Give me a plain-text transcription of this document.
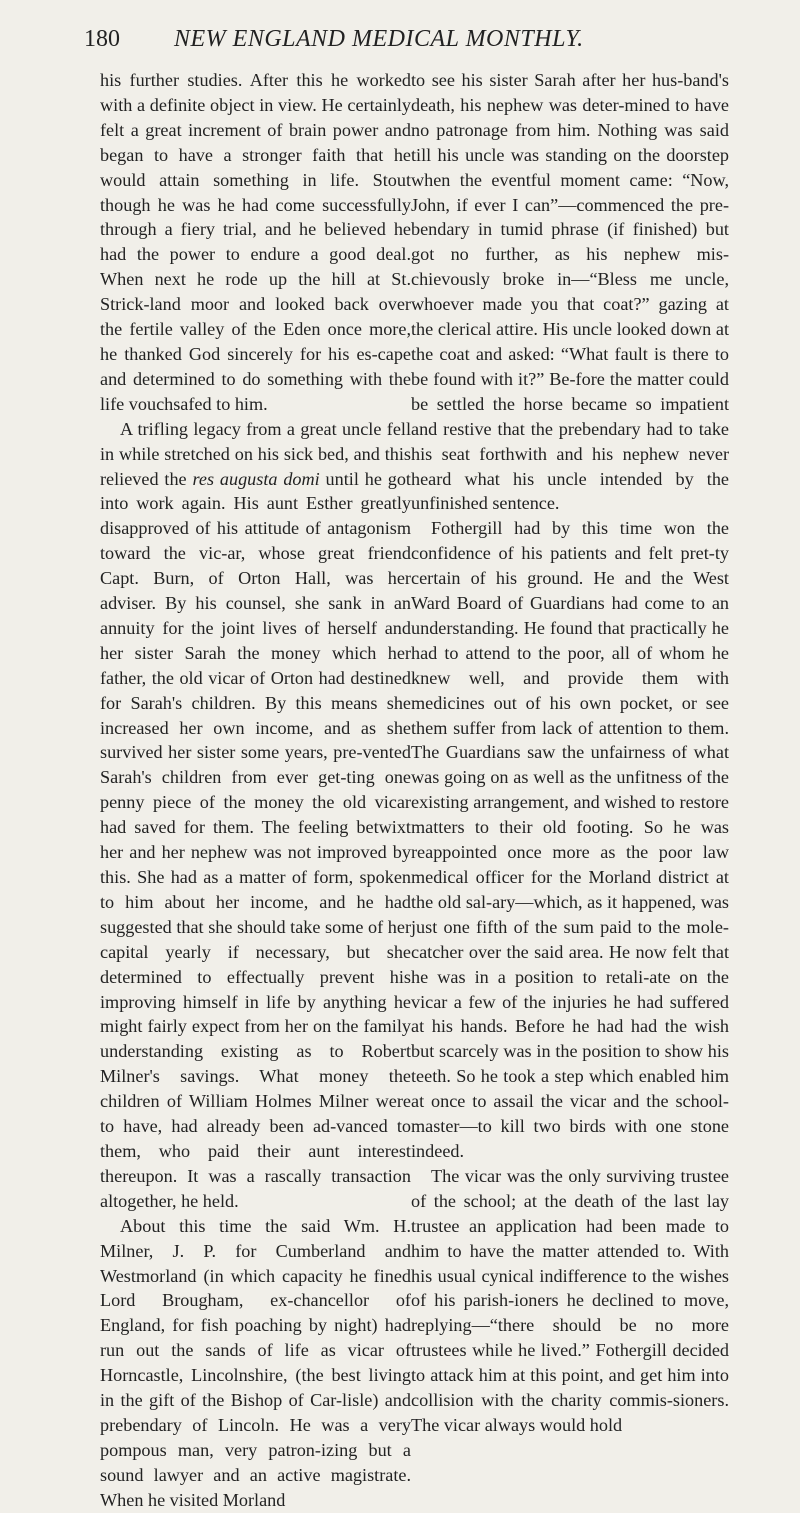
180 NEW ENGLAND MEDICAL MONTHLY.

his further studies. After this he worked with a definite object in view. He certainly felt a great increment of brain power and began to have a stronger faith that he would attain something in life. Stout though he was he had come successfully through a fiery trial, and he believed he had the power to endure a good deal. When next he rode up the hill at St. Strick-land moor and looked back over the fertile valley of the Eden once more, he thanked God sincerely for his es-cape and determined to do something with the life vouchsafed to him.

A trifling legacy from a great uncle fell in while stretched on his sick bed, and this relieved the res augusta domi until he got into work again. His aunt Esther greatly disapproved of his attitude of antagonism toward the vic-ar, whose great friend Capt. Burn, of Orton Hall, was her adviser. By his counsel, she sank in an annuity for the joint lives of herself and her sister Sarah the money which her father, the old vicar of Orton had destined for Sarah's children. By this means she increased her own income, and as she survived her sister some years, pre-vented Sarah's children from ever get-ting one penny piece of the money the old vicar had saved for them. The feeling betwixt her and her nephew was not improved by this. She had as a matter of form, spoken to him about her income, and he had suggested that she should take some of her capital yearly if necessary, but she determined to effectually prevent his improving himself in life by anything he might fairly expect from her on the family understanding existing as to Robert Milner's savings. What money the children of William Holmes Milner were to have, had already been ad-vanced to them, who paid their aunt interest thereupon. It was a rascally transaction altogether, he held.

About this time the said Wm. H. Milner, J. P. for Cumberland and Westmorland (in which capacity he fined Lord Brougham, ex-chancellor of England, for fish poaching by night) had run out the sands of life as vicar of Horncastle, Lincolnshire, (the best living in the gift of the Bishop of Car-lisle) and prebendary of Lincoln. He was a very pompous man, very patron-izing but a sound lawyer and an active magistrate. When he visited Morland

to see his sister Sarah after her hus-band's death, his nephew was deter-mined to have no patronage from him. Nothing was said till his uncle was standing on the doorstep when the eventful moment came: “Now, John, if ever I can”—commenced the pre-bendary in tumid phrase (if finished) but got no further, as his nephew mis-chievously broke in—“Bless me uncle, whoever made you that coat?” gazing at the clerical attire. His uncle looked down at the coat and asked: “What fault is there to be found with it?” Be-fore the matter could be settled the horse became so impatient and restive that the prebendary had to take his seat forthwith and his nephew never heard what his uncle intended by the unfinished sentence.

Fothergill had by this time won the confidence of his patients and felt pret-ty certain of his ground. He and the West Ward Board of Guardians had come to an understanding. He found that practically he had to attend to the poor, all of whom he knew well, and provide them with medicines out of his own pocket, or see them suffer from lack of attention to them. The Guardians saw the unfairness of what was going on as well as the unfitness of the existing arrangement, and wished to restore matters to their old footing. So he was reappointed once more as the poor law medical officer for the Morland district at the old sal-ary—which, as it happened, was just one fifth of the sum paid to the mole-catcher over the said area. He now felt that he was in a position to retali-ate on the vicar a few of the injuries he had suffered at his hands. Before he had had the wish but scarcely was in the position to show his teeth. So he took a step which enabled him at once to assail the vicar and the school-master—to kill two birds with one stone indeed.

The vicar was the only surviving trustee of the school; at the death of the last lay trustee an application had been made to him to have the matter attended to. With his usual cynical indifference to the wishes of his parish-ioners he declined to move, replying—“there should be no more trustees while he lived.” Fothergill decided to attack him at this point, and get him into collision with the charity commis-sioners. The vicar always would hold
